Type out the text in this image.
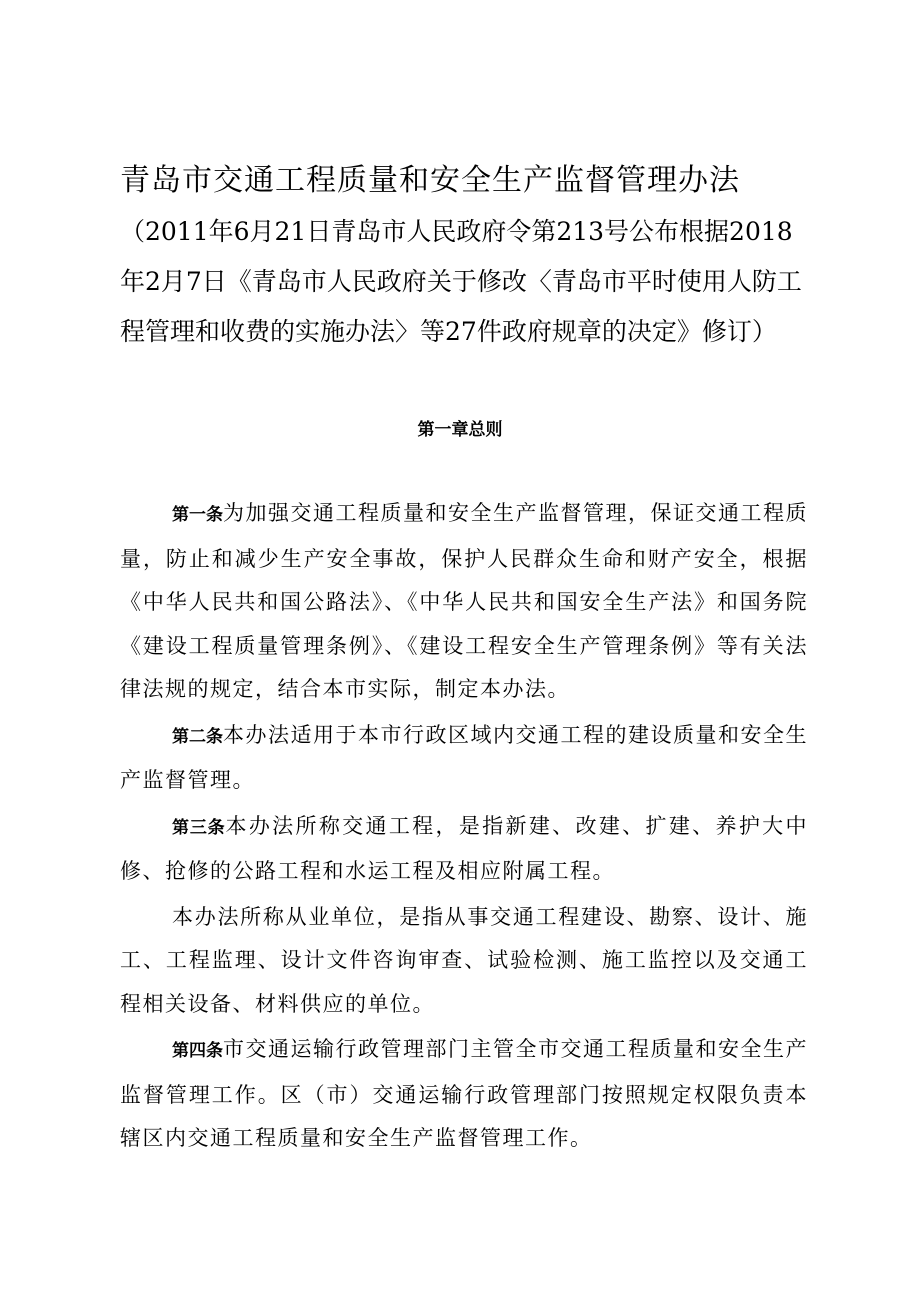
青岛市交通工程质量和安全生产监督管理办法（2011年6月21日青岛市人民政府令第213号公布根据2018年2月7日《青岛市人民政府关于修改〈青岛市平时使用人防工程管理和收费的实施办法〉等27件政府规章的决定》修订）
第一章总则

第一条为加强交通工程质量和安全生产监督管理，保证交通工程质量，防止和减少生产安全事故，保护人民群众生命和财产安全，根据《中华人民共和国公路法》、《中华人民共和国安全生产法》和国务院《建设工程质量管理条例》、《建设工程安全生产管理条例》等有关法律法规的规定，结合本市实际，制定本办法。

第二条本办法适用于本市行政区域内交通工程的建设质量和安全生产监督管理。

第三条本办法所称交通工程，是指新建、改建、扩建、养护大中修、抢修的公路工程和水运工程及相应附属工程。

本办法所称从业单位，是指从事交通工程建设、勘察、设计、施工、工程监理、设计文件咨询审查、试验检测、施工监控以及交通工程相关设备、材料供应的单位。

第四条市交通运输行政管理部门主管全市交通工程质量和安全生产监督管理工作。区（市）交通运输行政管理部门按照规定权限负责本辖区内交通工程质量和安全生产监督管理工作。
